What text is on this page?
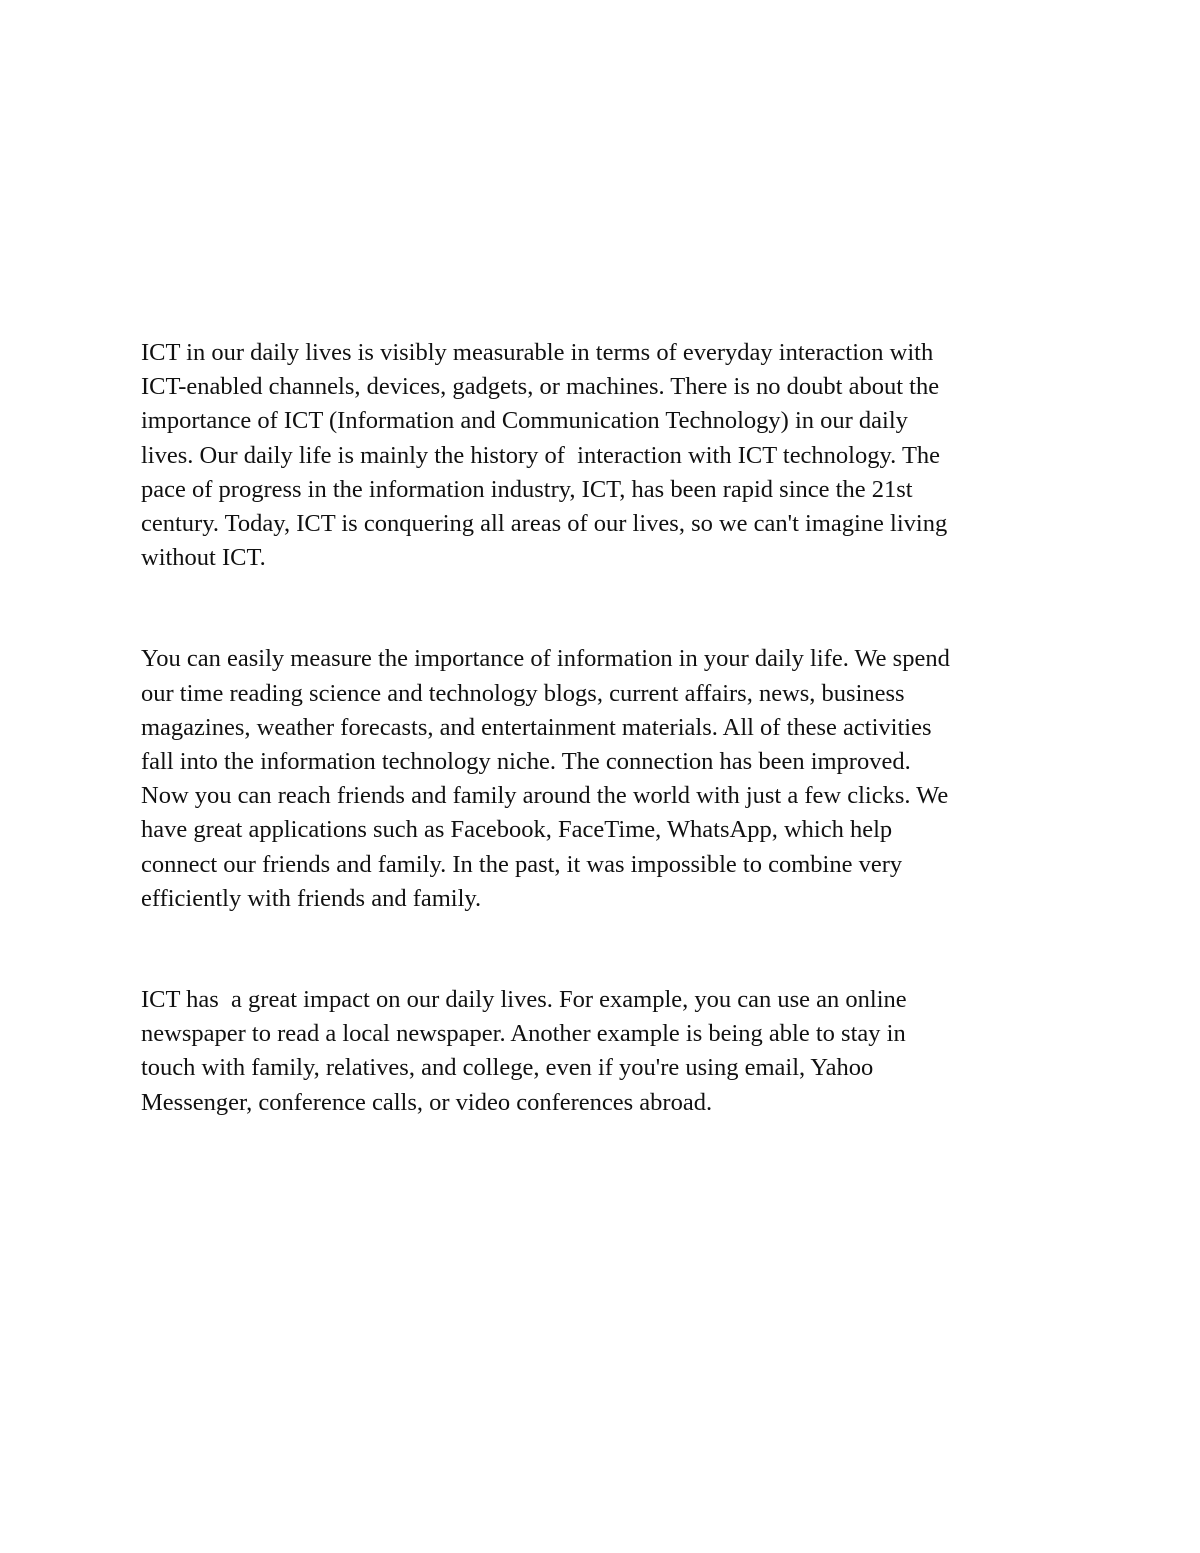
ICT in our daily lives is visibly measurable in terms of everyday interaction with
ICT-enabled channels, devices, gadgets, or machines. There is no doubt about the
importance of ICT (Information and Communication Technology) in our daily
lives. Our daily life is mainly the history of  interaction with ICT technology. The
pace of progress in the information industry, ICT, has been rapid since the 21st
century. Today, ICT is conquering all areas of our lives, so we can't imagine living
without ICT.

You can easily measure the importance of information in your daily life. We spend
our time reading science and technology blogs, current affairs, news, business
magazines, weather forecasts, and entertainment materials. All of these activities
fall into the information technology niche. The connection has been improved.
Now you can reach friends and family around the world with just a few clicks. We
have great applications such as Facebook, FaceTime, WhatsApp, which help
connect our friends and family. In the past, it was impossible to combine very
efficiently with friends and family.

ICT has  a great impact on our daily lives. For example, you can use an online
newspaper to read a local newspaper. Another example is being able to stay in
touch with family, relatives, and college, even if you're using email, Yahoo
Messenger, conference calls, or video conferences abroad.
